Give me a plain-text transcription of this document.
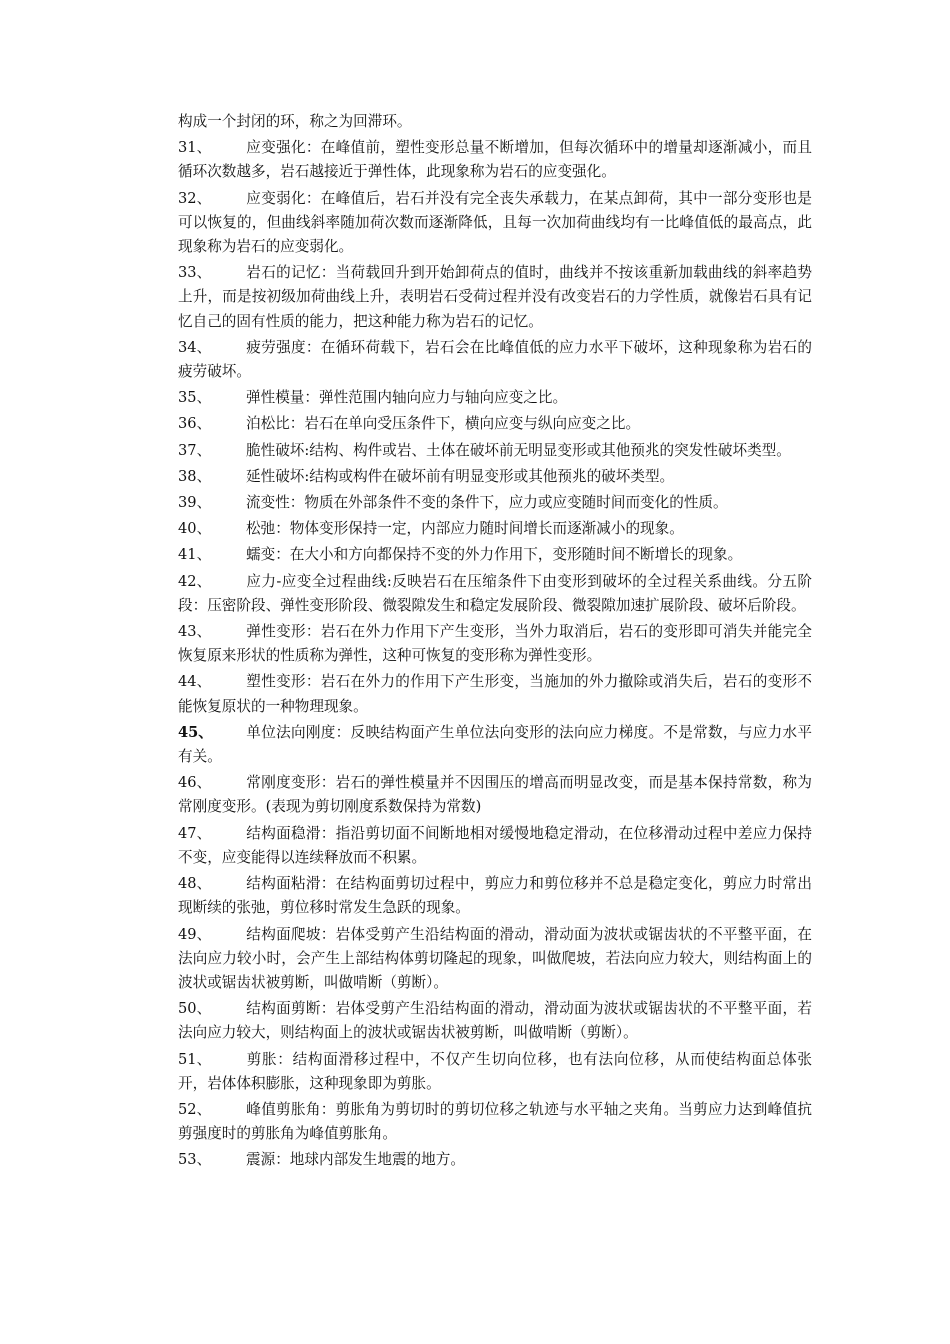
构成一个封闭的环，称之为回滞环。

31、 应变强化：在峰值前，塑性变形总量不断增加，但每次循环中的增量却逐渐减小，而且循环次数越多，岩石越接近于弹性体，此现象称为岩石的应变强化。

32、 应变弱化：在峰值后，岩石并没有完全丧失承载力，在某点卸荷，其中一部分变形也是可以恢复的，但曲线斜率随加荷次数而逐渐降低，且每一次加荷曲线均有一比峰值低的最高点，此现象称为岩石的应变弱化。

33、 岩石的记忆：当荷载回升到开始卸荷点的值时，曲线并不按该重新加载曲线的斜率趋势上升，而是按初级加荷曲线上升，表明岩石受荷过程并没有改变岩石的力学性质，就像岩石具有记忆自己的固有性质的能力，把这种能力称为岩石的记忆。

34、 疲劳强度：在循环荷载下，岩石会在比峰值低的应力水平下破坏，这种现象称为岩石的疲劳破坏。

35、 弹性模量：弹性范围内轴向应力与轴向应变之比。

36、 泊松比：岩石在单向受压条件下，横向应变与纵向应变之比。

37、 脆性破坏:结构、构件或岩、土体在破坏前无明显变形或其他预兆的突发性破坏类型。

38、 延性破坏:结构或构件在破坏前有明显变形或其他预兆的破坏类型。

39、 流变性：物质在外部条件不变的条件下，应力或应变随时间而变化的性质。

40、 松弛：物体变形保持一定，内部应力随时间增长而逐渐减小的现象。

41、 蠕变：在大小和方向都保持不变的外力作用下，变形随时间不断增长的现象。

42、 应力-应变全过程曲线:反映岩石在压缩条件下由变形到破坏的全过程关系曲线。分五阶段：压密阶段、弹性变形阶段、微裂隙发生和稳定发展阶段、微裂隙加速扩展阶段、破坏后阶段。

43、 弹性变形：岩石在外力作用下产生变形，当外力取消后，岩石的变形即可消失并能完全恢复原来形状的性质称为弹性，这种可恢复的变形称为弹性变形。

44、 塑性变形：岩石在外力的作用下产生形变，当施加的外力撤除或消失后，岩石的变形不能恢复原状的一种物理现象。

45、 单位法向刚度：反映结构面产生单位法向变形的法向应力梯度。不是常数，与应力水平有关。

46、 常刚度变形：岩石的弹性模量并不因围压的增高而明显改变，而是基本保持常数，称为常刚度变形。(表现为剪切刚度系数保持为常数)

47、 结构面稳滑：指沿剪切面不间断地相对缓慢地稳定滑动，在位移滑动过程中差应力保持不变，应变能得以连续释放而不积累。

48、 结构面粘滑：在结构面剪切过程中，剪应力和剪位移并不总是稳定变化，剪应力时常出现断续的张弛，剪位移时常发生急跃的现象。

49、 结构面爬坡：岩体受剪产生沿结构面的滑动，滑动面为波状或锯齿状的不平整平面，在法向应力较小时，会产生上部结构体剪切隆起的现象，叫做爬坡，若法向应力较大，则结构面上的波状或锯齿状被剪断，叫做啃断（剪断）。

50、 结构面剪断：岩体受剪产生沿结构面的滑动，滑动面为波状或锯齿状的不平整平面，若法向应力较大，则结构面上的波状或锯齿状被剪断，叫做啃断（剪断）。

51、 剪胀：结构面滑移过程中，不仅产生切向位移，也有法向位移，从而使结构面总体张开，岩体体积膨胀，这种现象即为剪胀。

52、 峰值剪胀角：剪胀角为剪切时的剪切位移之轨迹与水平轴之夹角。当剪应力达到峰值抗剪强度时的剪胀角为峰值剪胀角。

53、 震源：地球内部发生地震的地方。
